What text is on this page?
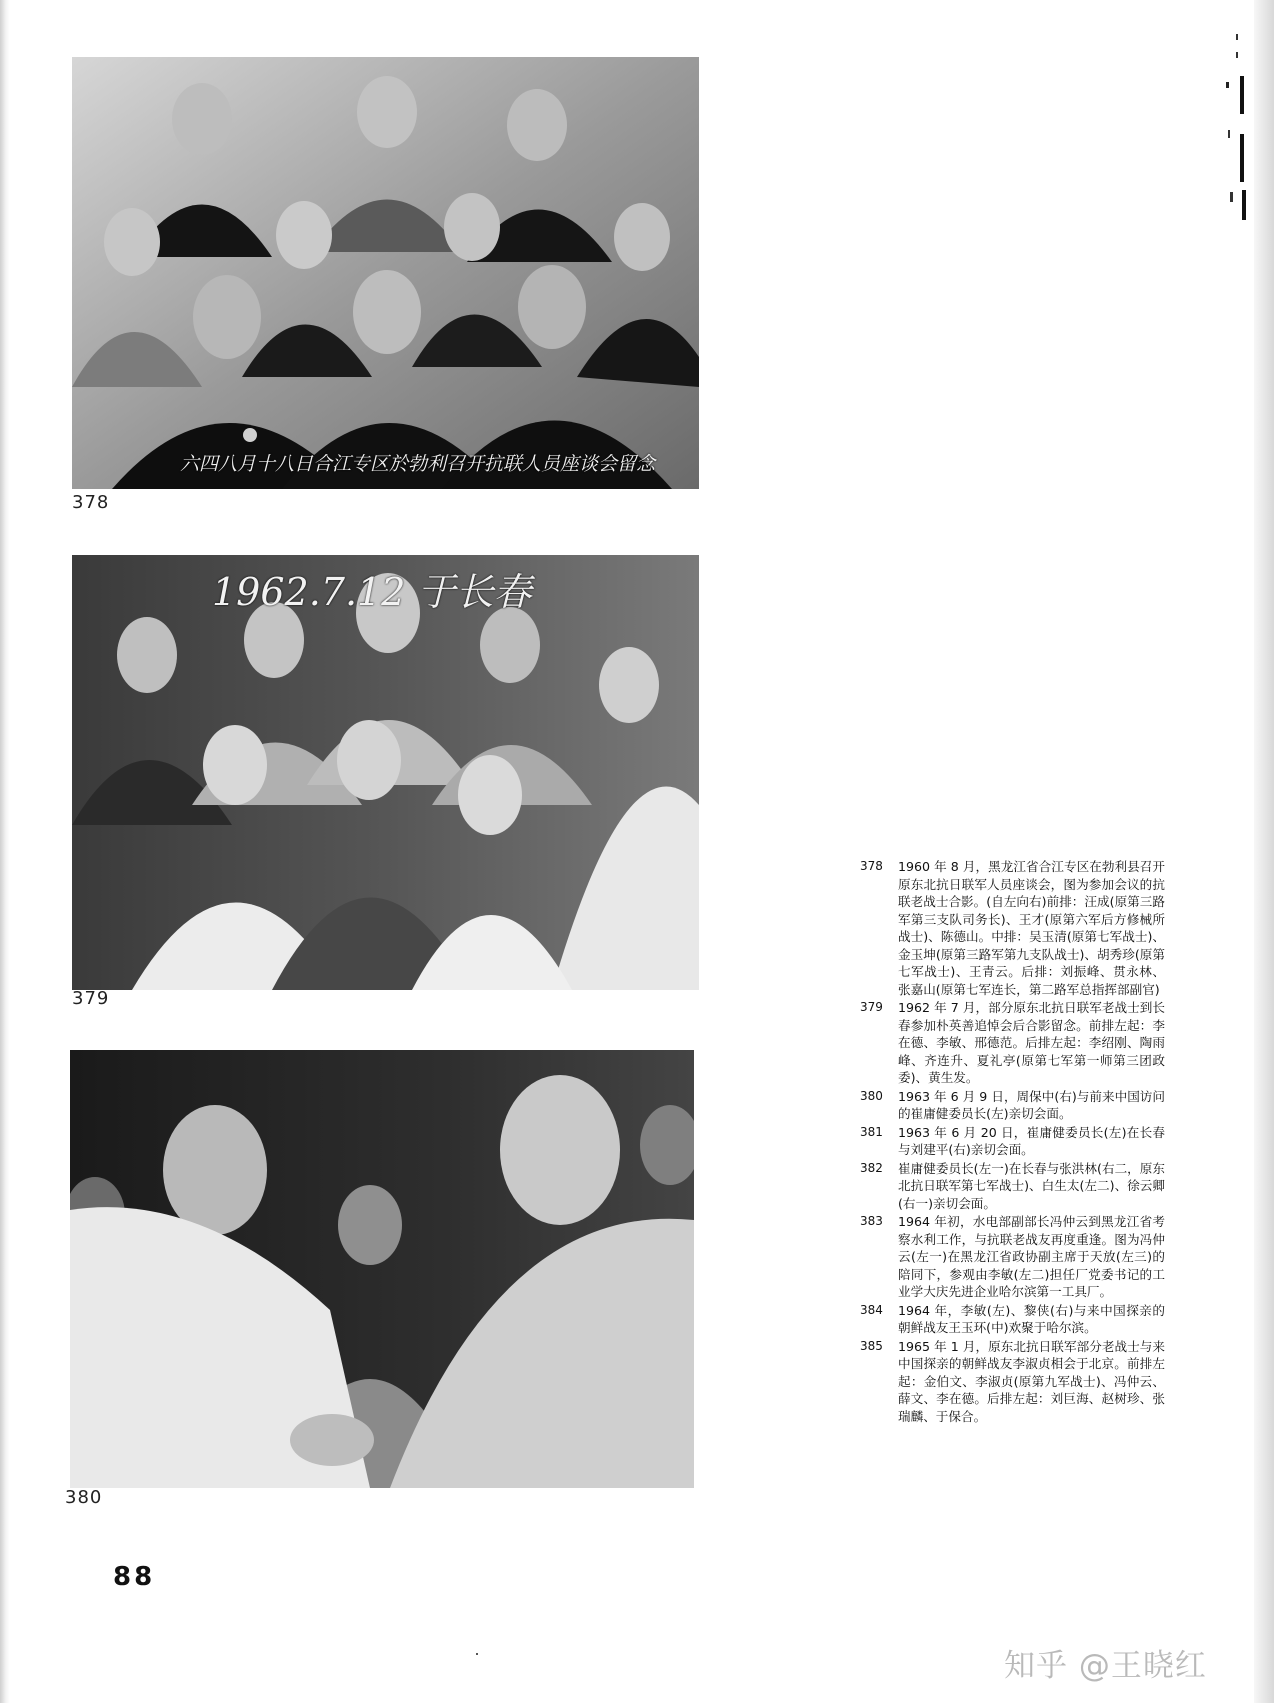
六四八月十八日合江专区於勃利召开抗联人员座谈会留念
378
1962.7.12 于长春
379
380
378	1960 年 8 月，黑龙江省合江专区在勃利县召开原东北抗日联军人员座谈会，图为参加会议的抗联老战士合影。(自左向右)前排：汪成(原第三路军第三支队司务长)、王才(原第六军后方修械所战士)、陈德山。中排：吴玉清(原第七军战士)、金玉坤(原第三路军第九支队战士)、胡秀珍(原第七军战士)、王青云。后排：刘振峰、贯永林、张嘉山(原第七军连长，第二路军总指挥部副官)
379	1962 年 7 月，部分原东北抗日联军老战士到长春参加朴英善追悼会后合影留念。前排左起：李在德、李敏、邢德范。后排左起：李绍刚、陶雨峰、齐连升、夏礼亭(原第七军第一师第三团政委)、黄生发。
380	1963 年 6 月 9 日，周保中(右)与前来中国访问的崔庸健委员长(左)亲切会面。
381	1963 年 6 月 20 日，崔庸健委员长(左)在长春与刘建平(右)亲切会面。
382	崔庸健委员长(左一)在长春与张洪林(右二，原东北抗日联军第七军战士)、白生太(左二)、徐云卿(右一)亲切会面。
383	1964 年初，水电部副部长冯仲云到黑龙江省考察水利工作，与抗联老战友再度重逢。图为冯仲云(左一)在黑龙江省政协副主席于天放(左三)的陪同下，参观由李敏(左二)担任厂党委书记的工业学大庆先进企业哈尔滨第一工具厂。
384	1964 年，李敏(左)、黎侠(右)与来中国探亲的朝鲜战友王玉环(中)欢聚于哈尔滨。
385	1965 年 1 月，原东北抗日联军部分老战士与来中国探亲的朝鲜战友李淑贞相会于北京。前排左起：金伯文、李淑贞(原第九军战士)、冯仲云、薛文、李在德。后排左起：刘巨海、赵树珍、张瑞麟、于保合。
88
知乎 @王晓红
